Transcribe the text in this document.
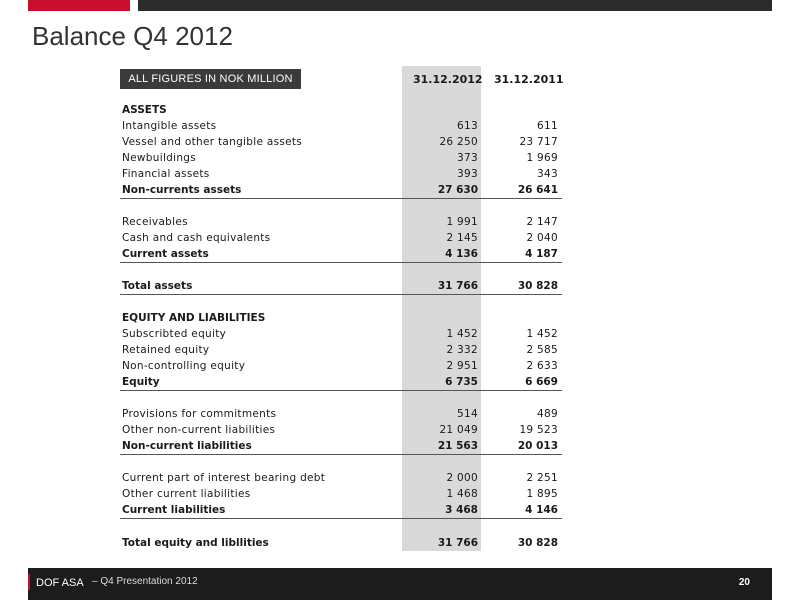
Balance Q4 2012
ALL FIGURES IN NOK MILLION	31.12.2012 31.12.2011
ASSETS
Intangible assets	613	611
Vessel and other tangible assets	26 250	23 717
Newbuildings	373	1 969
Financial assets	393	343
Non-currents assets	27 630	26 641
Receivables	1 991	2 147
Cash and cash equivalents	2 145	2 040
Current assets	4 136	4 187
Total assets	31 766	30 828
EQUITY AND LIABILITIES
Subscribted equity	1 452	1 452
Retained equity	2 332	2 585
Non-controlling equity	2 951	2 633
Equity	6 735	6 669
Provisions for commitments	514	489
Other non-current liabilities	21 049	19 523
Non-current liabilities	21 563	20 013
Current part of interest bearing debt	2 000	2 251
Other current liabilities	1 468	1 895
Current liabilities	3 468	4 146
Total equity and libllities	31 766	30 828
DOF ASA – Q4 Presentation 2012	20
